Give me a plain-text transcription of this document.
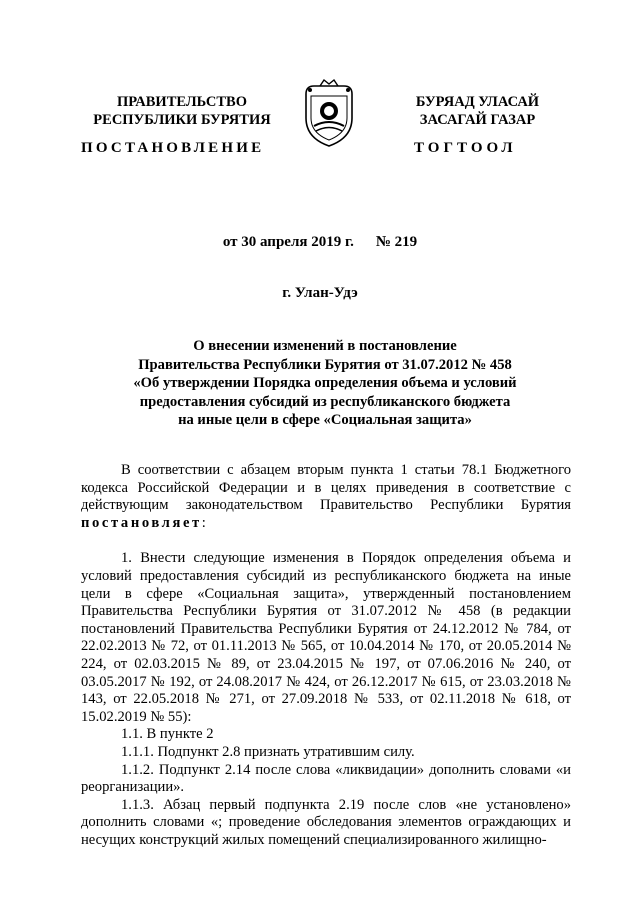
ПРАВИТЕЛЬСТВО
РЕСПУБЛИКИ БУРЯТИЯ
БУРЯАД УЛАСАЙ
ЗАСАГАЙ ГАЗАР
ПОСТАНОВЛЕНИЕ	ТОГТООЛ
от 30 апреля 2019 г. № 219
г. Улан-Удэ
О внесении изменений в постановление
Правительства Республики Бурятия от 31.07.2012 № 458
«Об утверждении Порядка определения объема и условий
предоставления субсидий из республиканского бюджета
на иные цели в сфере «Социальная защита»

В соответствии с абзацем вторым пункта 1 статьи 78.1 Бюджетного кодекса Российской Федерации и в целях приведения в соответствие с действующим законодательством Правительство Республики Бурятия постановляет:

1. Внести следующие изменения в Порядок определения объема и условий предоставления субсидий из республиканского бюджета на иные цели в сфере «Социальная защита», утвержденный постановлением Правительства Республики Бурятия от 31.07.2012 № 458 (в редакции постановлений Правительства Республики Бурятия от 24.12.2012 № 784, от 22.02.2013 № 72, от 01.11.2013 № 565, от 10.04.2014 № 170, от 20.05.2014 № 224, от 02.03.2015 № 89, от 23.04.2015 № 197, от 07.06.2016 № 240, от 03.05.2017 № 192, от 24.08.2017 № 424, от 26.12.2017 № 615, от 23.03.2018 № 143, от 22.05.2018 № 271, от 27.09.2018 № 533, от 02.11.2018 № 618, от 15.02.2019 № 55):

1.1. В пункте 2

1.1.1. Подпункт 2.8 признать утратившим силу.

1.1.2. Подпункт 2.14 после слова «ликвидации» дополнить словами «и реорганизации».

1.1.3. Абзац первый подпункта 2.19 после слов «не установлено» дополнить словами «; проведение обследования элементов ограждающих и несущих конструкций жилых помещений специализированного жилищно-
